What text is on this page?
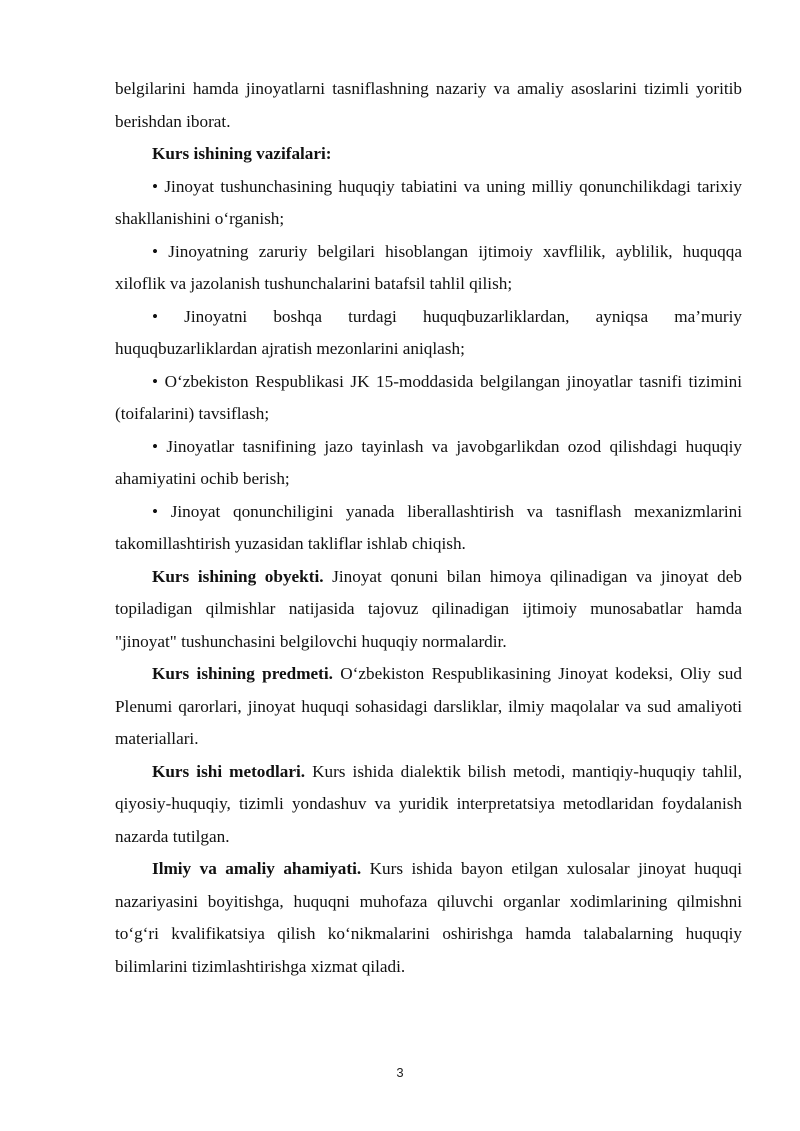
belgilarini hamda jinoyatlarni tasniflashning nazariy va amaliy asoslarini tizimli yoritib berishdan iborat.

Kurs ishining vazifalari:

• Jinoyat tushunchasining huquqiy tabiatini va uning milliy qonunchilikdagi tarixiy shakllanishini o‘rganish;

• Jinoyatning zaruriy belgilari hisoblangan ijtimoiy xavflilik, ayblilik, huquqqa xiloflik va jazolanish tushunchalarini batafsil tahlil qilish;

• Jinoyatni boshqa turdagi huquqbuzarliklardan, ayniqsa ma’muriy huquqbuzarliklardan ajratish mezonlarini aniqlash;

• O‘zbekiston Respublikasi JK 15-moddasida belgilangan jinoyatlar tasnifi tizimini (toifalarini) tavsiflash;

• Jinoyatlar tasnifining jazo tayinlash va javobgarlikdan ozod qilishdagi huquqiy ahamiyatini ochib berish;

• Jinoyat qonunchiligini yanada liberallashtirish va tasniflash mexanizmlarini takomillashtirish yuzasidan takliflar ishlab chiqish.

Kurs ishining obyekti. Jinoyat qonuni bilan himoya qilinadigan va jinoyat deb topiladigan qilmishlar natijasida tajovuz qilinadigan ijtimoiy munosabatlar hamda "jinoyat" tushunchasini belgilovchi huquqiy normalardir.

Kurs ishining predmeti. O‘zbekiston Respublikasining Jinoyat kodeksi, Oliy sud Plenumi qarorlari, jinoyat huquqi sohasidagi darsliklar, ilmiy maqolalar va sud amaliyoti materiallari.

Kurs ishi metodlari. Kurs ishida dialektik bilish metodi, mantiqiy-huquqiy tahlil, qiyosiy-huquqiy, tizimli yondashuv va yuridik interpretatsiya metodlaridan foydalanish nazarda tutilgan.

Ilmiy va amaliy ahamiyati. Kurs ishida bayon etilgan xulosalar jinoyat huquqi nazariyasini boyitishga, huquqni muhofaza qiluvchi organlar xodimlarining qilmishni to‘g‘ri kvalifikatsiya qilish ko‘nikmalarini oshirishga hamda talabalarning huquqiy bilimlarini tizimlashtirishga xizmat qiladi.

3
